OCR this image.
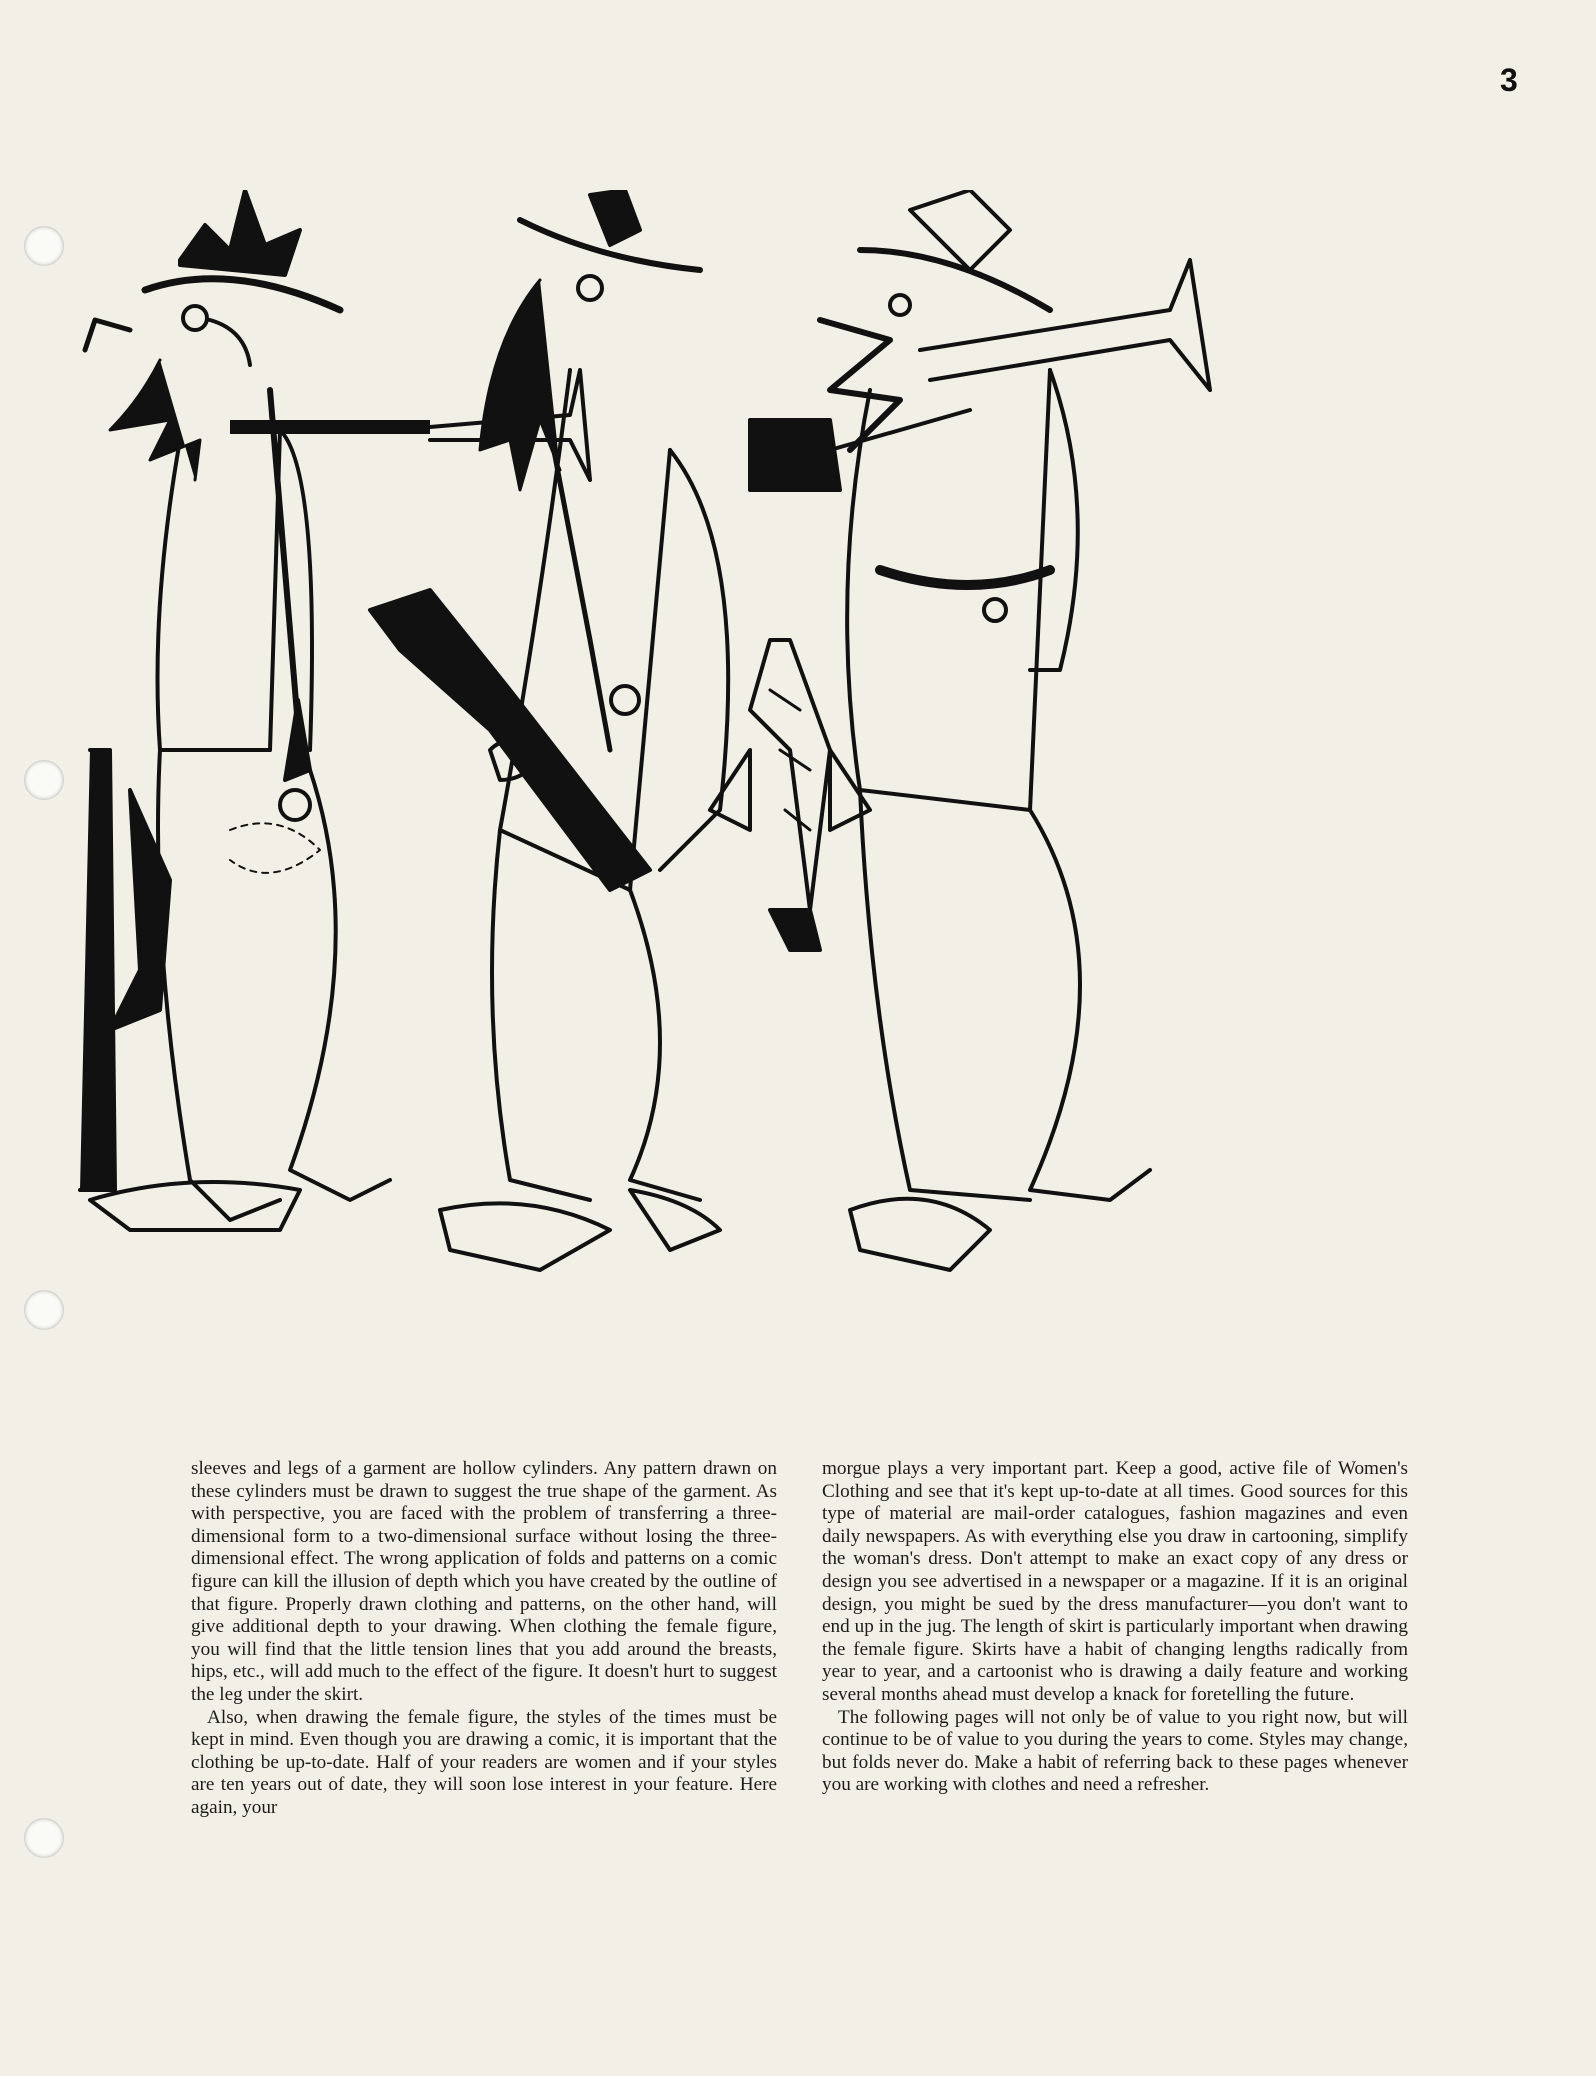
3

sleeves and legs of a garment are hollow cylinders. Any pattern drawn on these cylinders must be drawn to suggest the true shape of the garment. As with perspective, you are faced with the problem of transferring a three-dimensional form to a two-dimensional surface without losing the three-dimensional effect. The wrong application of folds and patterns on a comic figure can kill the illusion of depth which you have created by the outline of that figure. Properly drawn clothing and patterns, on the other hand, will give additional depth to your drawing. When clothing the female figure, you will find that the little tension lines that you add around the breasts, hips, etc., will add much to the effect of the figure. It doesn't hurt to suggest the leg under the skirt.

Also, when drawing the female figure, the styles of the times must be kept in mind. Even though you are drawing a comic, it is important that the clothing be up-to-date. Half of your readers are women and if your styles are ten years out of date, they will soon lose interest in your feature. Here again, your

morgue plays a very important part. Keep a good, active file of Women's Clothing and see that it's kept up-to-date at all times. Good sources for this type of material are mail-order catalogues, fashion magazines and even daily newspapers. As with everything else you draw in cartooning, simplify the woman's dress. Don't attempt to make an exact copy of any dress or design you see advertised in a newspaper or a magazine. If it is an original design, you might be sued by the dress manufacturer—you don't want to end up in the jug. The length of skirt is particularly important when drawing the female figure. Skirts have a habit of changing lengths radically from year to year, and a cartoonist who is drawing a daily feature and working several months ahead must develop a knack for foretelling the future.

The following pages will not only be of value to you right now, but will continue to be of value to you during the years to come. Styles may change, but folds never do. Make a habit of referring back to these pages whenever you are working with clothes and need a refresher.
